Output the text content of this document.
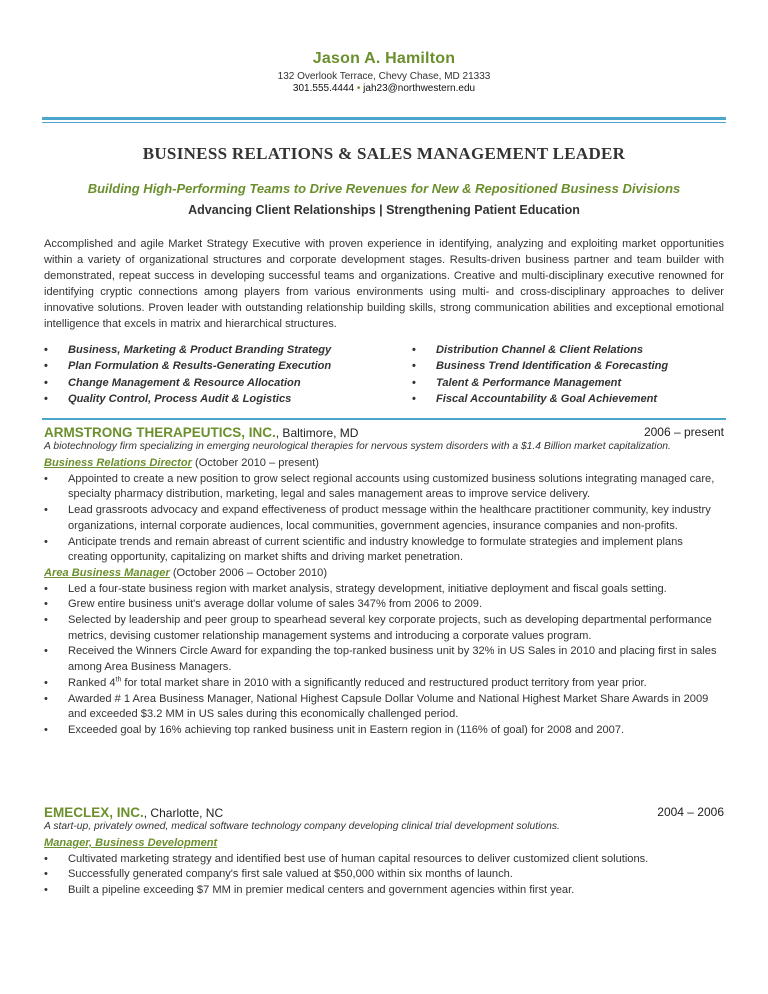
Jason A. Hamilton
132 Overlook Terrace, Chevy Chase, MD 21333
301.555.4444 • jah23@northwestern.edu
BUSINESS RELATIONS & SALES MANAGEMENT LEADER
Building High-Performing Teams to Drive Revenues for New & Repositioned Business Divisions
Advancing Client Relationships | Strengthening Patient Education
Accomplished and agile Market Strategy Executive with proven experience in identifying, analyzing and exploiting market opportunities within a variety of organizational structures and corporate development stages. Results-driven business partner and team builder with demonstrated, repeat success in developing successful teams and organizations. Creative and multi-disciplinary executive renowned for identifying cryptic connections among players from various environments using multi- and cross-disciplinary approaches to deliver innovative solutions. Proven leader with outstanding relationship building skills, strong communication abilities and exceptional emotional intelligence that excels in matrix and hierarchical structures.
• Business, Marketing & Product Branding Strategy
• Plan Formulation & Results-Generating Execution
• Change Management & Resource Allocation
• Quality Control, Process Audit & Logistics
• Distribution Channel & Client Relations
• Business Trend Identification & Forecasting
• Talent & Performance Management
• Fiscal Accountability & Goal Achievement
ARMSTRONG THERAPEUTICS, INC., Baltimore, MD	2006 – present
A biotechnology firm specializing in emerging neurological therapies for nervous system disorders with a $1.4 Billion market capitalization.
Business Relations Director (October 2010 – present)
• Appointed to create a new position to grow select regional accounts using customized business solutions integrating managed care, specialty pharmacy distribution, marketing, legal and sales management areas to improve service delivery.
• Lead grassroots advocacy and expand effectiveness of product message within the healthcare practitioner community, key industry organizations, internal corporate audiences, local communities, government agencies, insurance companies and non-profits.
• Anticipate trends and remain abreast of current scientific and industry knowledge to formulate strategies and implement plans creating opportunity, capitalizing on market shifts and driving market penetration.
Area Business Manager (October 2006 – October 2010)
• Led a four-state business region with market analysis, strategy development, initiative deployment and fiscal goals setting.
• Grew entire business unit's average dollar volume of sales 347% from 2006 to 2009.
• Selected by leadership and peer group to spearhead several key corporate projects, such as developing departmental performance metrics, devising customer relationship management systems and introducing a corporate values program.
• Received the Winners Circle Award for expanding the top-ranked business unit by 32% in US Sales in 2010 and placing first in sales among Area Business Managers.
• Ranked 4th for total market share in 2010 with a significantly reduced and restructured product territory from year prior.
• Awarded # 1 Area Business Manager, National Highest Capsule Dollar Volume and National Highest Market Share Awards in 2009 and exceeded $3.2 MM in US sales during this economically challenged period.
• Exceeded goal by 16% achieving top ranked business unit in Eastern region in (116% of goal) for 2008 and 2007.
EMECLEX, INC., Charlotte, NC	2004 – 2006
A start-up, privately owned, medical software technology company developing clinical trial development solutions.
Manager, Business Development
• Cultivated marketing strategy and identified best use of human capital resources to deliver customized client solutions.
• Successfully generated company's first sale valued at $50,000 within six months of launch.
• Built a pipeline exceeding $7 MM in premier medical centers and government agencies within first year.
